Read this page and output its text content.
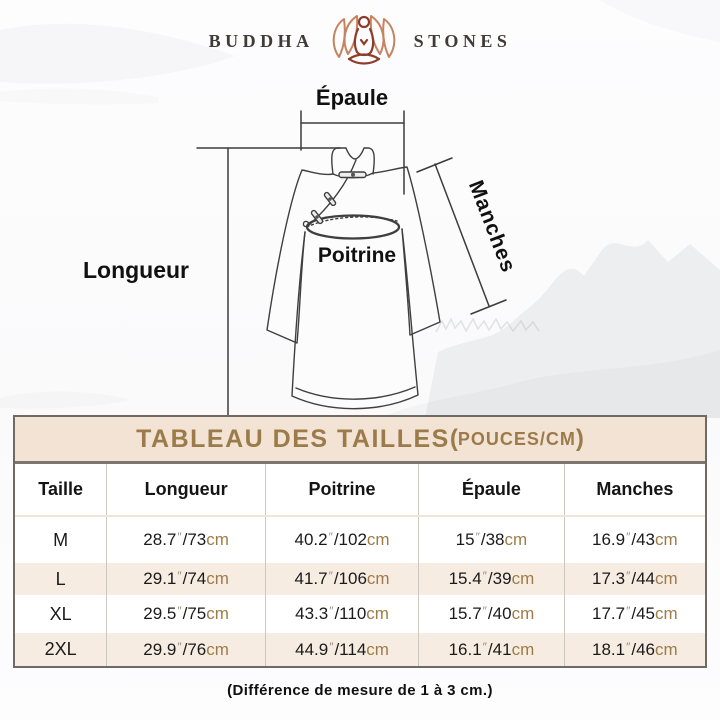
Épaule
Longueur
Poitrine	Manches
BUDDHA	STONES
TABLEAU DES TAILLES ( POUCES/CM )
Taille	Longueur	Poitrine	Épaule	Manches
M	28.7″/73cm	40.2″/102cm	15″/38cm	16.9″/43cm
L	29.1″/74cm	41.7″/106cm	15.4″/39cm	17.3″/44cm
XL	29.5″/75cm	43.3″/110cm	15.7″/40cm	17.7″/45cm
2XL	29.9″/76cm	44.9″/114cm	16.1″/41cm	18.1″/46cm
(Différence de mesure de 1 à 3 cm.)
